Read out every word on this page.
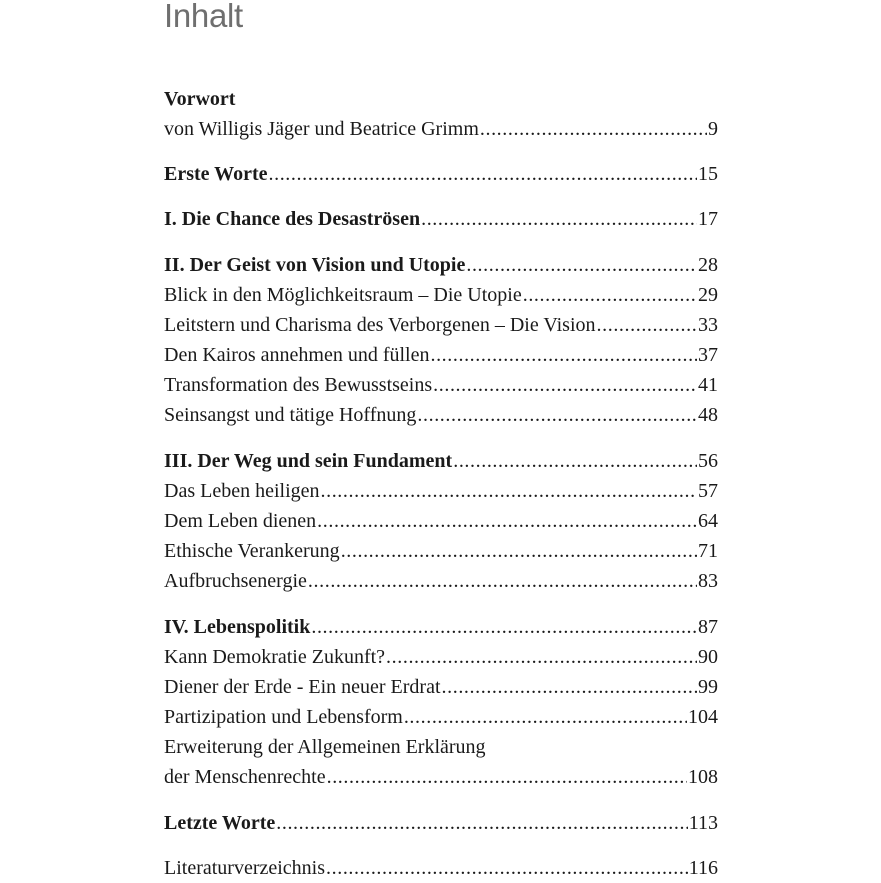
Inhalt
Vorwort
von Willigis Jäger und Beatrice Grimm .....	9
Erste Worte .....	15
I. Die Chance des Desaströsen .....	17
II. Der Geist von Vision und Utopie .....	28
Blick in den Möglichkeitsraum – Die Utopie .....	29
Leitstern und Charisma des Verborgenen – Die Vision .....	33
Den Kairos annehmen und füllen .....	37
Transformation des Bewusstseins .....	41
Seinsangst und tätige Hoffnung .....	48
III. Der Weg und sein Fundament .....	56
Das Leben heiligen .....	57
Dem Leben dienen .....	64
Ethische Verankerung .....	71
Aufbruchsenergie .....	83
IV. Lebenspolitik .....	87
Kann Demokratie Zukunft? .....	90
Diener der Erde - Ein neuer Erdrat .....	99
Partizipation und Lebensform .....	104
Erweiterung der Allgemeinen Erklärung
der Menschenrechte .....	108
Letzte Worte .....	113
Literaturverzeichnis .....	116
